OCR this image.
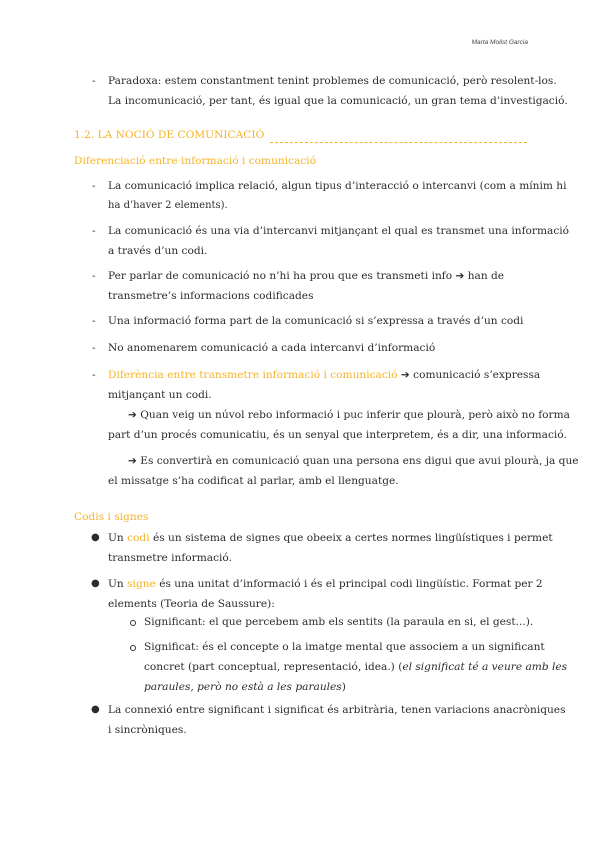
Marta Molist Garcia
- Paradoxa: estem constantment tenint problemes de comunicació, però resolent-los.
La incomunicació, per tant, és igual que la comunicació, un gran tema d’investigació.
1.2. LA NOCIÓ DE COMUNICACIÓ
Diferenciació entre informació i comunicació
- La comunicació implica relació, algun tipus d’interacció o intercanvi (com a mínim hi
ha d’haver 2 elements).
- La comunicació és una via d’intercanvi mitjançant el qual es transmet una informació
a través d’un codi.
- Per parlar de comunicació no n’hi ha prou que es transmeti info ➔ han de
transmetre’s informacions codificades
- Una informació forma part de la comunicació si s’expressa a través d’un codi
- No anomenarem comunicació a cada intercanvi d’informació
- Diferència entre transmetre informació i comunicació ➔ comunicació s’expressa
mitjançant un codi.
➔ Quan veig un núvol rebo informació i puc inferir que plourà, però això no forma
part d’un procés comunicatiu, és un senyal que interpretem, és a dir, una informació.
➔ Es convertirà en comunicació quan una persona ens digui que avui plourà, ja que
el missatge s’ha codificat al parlar, amb el llenguatge.
Codis i signes
● Un codi és un sistema de signes que obeeix a certes normes lingüístiques i permet
transmetre informació.
● Un signe és una unitat d’informació i és el principal codi lingüístic. Format per 2
elements (Teoria de Saussure):
Significant: el que percebem amb els sentits (la paraula en si, el gest...).
Significat: és el concepte o la imatge mental que associem a un significant
concret (part conceptual, representació, idea.) (el significat té a veure amb les
paraules, però no està a les paraules)
● La connexió entre significant i significat és arbitrària, tenen variacions anacròniques
i sincròniques.
